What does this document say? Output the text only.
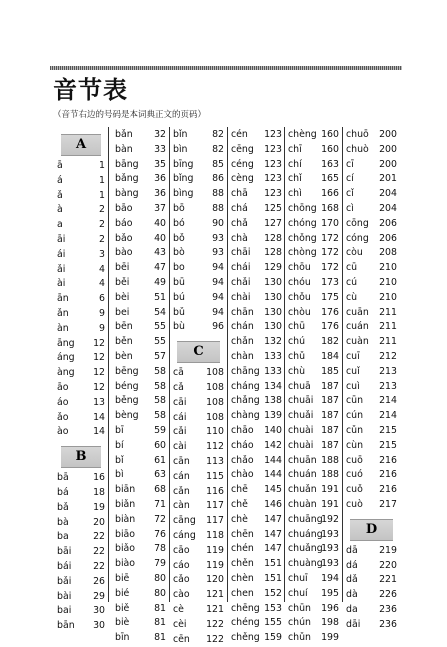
音节表
（音节右边的号码是本词典正文的页码）
A
ā	1
á	1
ǎ	1
à	2
a	2
āi	2
ái	3
ǎi	4
ài	4
ān	6
ǎn	9
àn	9
āng 12
áng 12
àng 12
āo	12
áo	13
ǎo	14
ào	14
B
bā	16
bá	18
bǎ	19
bà	20
ba	22
bāi 22
bái 22
bǎi 26
bài 29
bai 30
bān 30
bǎn 32
bàn 33
bāng 35
bǎng 36
bàng 36
bāo 37
báo 40
bǎo 40
bào 43
bēi	47
běi	49
bèi	51
bei	54
bēn 55
běn 55
bèn 57
bēng 58
béng 58
běng 58
bèng 58
bī	59
bí	60
bǐ	61
bì	63
biān 68
biǎn 71
biàn 72
biāo 76
biǎo 78
biào 79
biē	80
bié	80
biě	81
biè	81
bīn	81
bǐn	82
bìn	82
bīng 85
bǐng 86
bìng 88
bō	88
bó	90
bǒ	93
bò	93
bo	94
bū	94
bú	94
bǔ	94
bù	96
C
cā 108
cǎ 108
cāi 108
cái 108
cǎi 110
cài 112
cān 113
cán 115
cǎn 116
càn 117
cāng 117
cáng 118
cāo 119
cáo 119
cǎo 120
cào 121
cè 121
cèi 122
cēn 122
cén 123
cēng 123
céng 123
cèng 123
chā 123
chá 125
chǎ 127
chà 128
chāi 128
chái 129
chǎi 130
chài 130
chān 130
chán 130
chǎn 132
chàn 133
chāng 133
cháng 134
chǎng 138
chàng 139
chāo 140
cháo 142
chǎo 144
chào 144
chē 145
chě 146
chè 147
chēn 147
chén 147
chěn 151
chèn 151
chen 152
chēng 153
chéng 155
chěng 159
chèng 160
chī 160
chí 163
chǐ 165
chì 166
chōng 168
chóng 170
chǒng 172
chòng 172
chōu 172
chóu 173
chǒu 175
chòu 176
chū 176
chú 182
chǔ 184
chù 185
chuā 187
chuāi 187
chuǎi 187
chuài 187
chuài 187
chuān 188
chuán 188
chuǎn 191
chuàn 191
chuāng
192
chuáng
193
chuǎng
193
chuàng
193
chuī 194
chuí 195
chūn 196
chún 198
chǔn 199
chuō 200
chuò 200
cī	200
cí	201
cǐ	204
cì	204
cōng 206
cóng 206
còu 208
cū 210
cú 210
cù 210
cuān 211
cuán 211
cuàn 211
cuī 212
cuǐ 213
cuì 213
cūn 214
cún 214
cǔn 215
cùn 215
cuō 216
cuó 216
cuǒ 216
cuò 217
D
dā 219
dá 220
dǎ 221
dà 226
da 236
dāi 236
